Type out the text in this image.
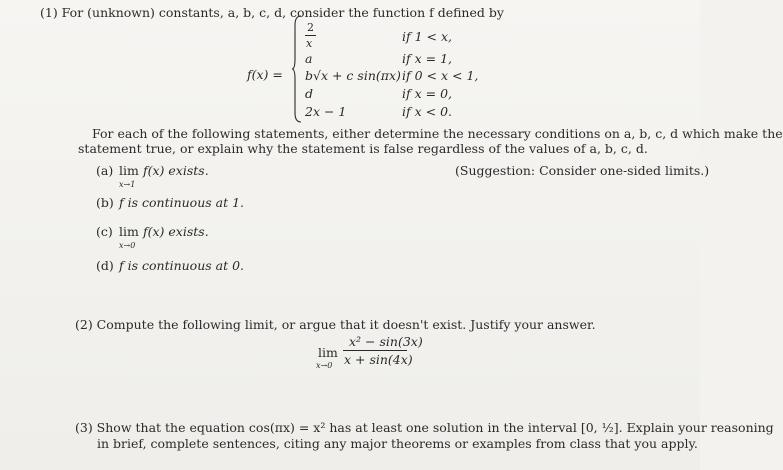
(1) For (unknown) constants, a, b, c, d, consider the function f defined by
f(x) =
2
x	if 1 < x,
a	if x = 1,
b√x + c sin(πx) if 0 < x < 1,
d	if x = 0,
2x − 1	if x < 0.
For each of the following statements, either determine the necessary conditions on a, b, c, d which make the
statement true, or explain why the statement is false regardless of the values of a, b, c, d.
(a) lim
x→1
f(x) exists.	(Suggestion: Consider one-sided limits.)
(b) f is continuous at 1.
(c) lim
x→0
f(x) exists.
(d) f is continuous at 0.
(2) Compute the following limit, or argue that it doesn't exist. Justify your answer.
lim
x→0
x² − sin(3x)
x + sin(4x)
(3) Show that the equation cos(πx) = x² has at least one solution in the interval [0, ½]. Explain your reasoning
in brief, complete sentences, citing any major theorems or examples from class that you apply.
